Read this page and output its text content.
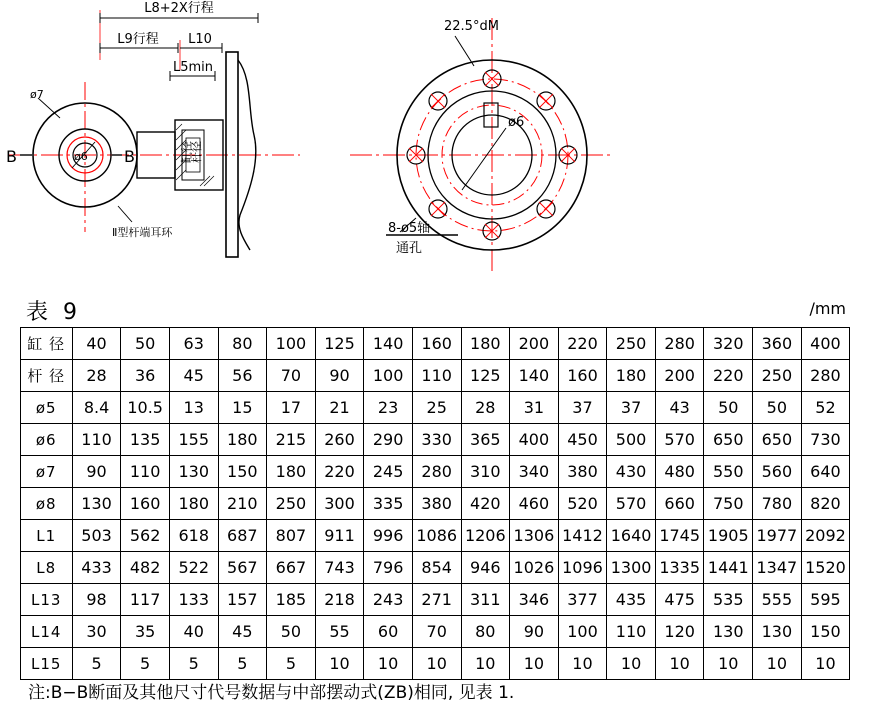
L8+2X行程
L9行程 L10
L5min
ø6
ø7
B	B	缸径
杆径
Ⅱ型杆端耳环
ø6
22.5°dM
8-ø5轴
通孔
表 9	/mm
缸 径	40	50	63	80	100	125	140	160	180	200	220	250	280	320	360	400
杆 径	28	36	45	56	70	90	100	110	125	140	160	180	200	220	250	280
ø5	8.4	10.5	13	15	17	21	23	25	28	31	37	37	43	50	50	52
ø6	110	135	155	180	215	260	290	330	365	400	450	500	570	650	650	730
ø7	90	110	130	150	180	220	245	280	310	340	380	430	480	550	560	640
ø8	130	160	180	210	250	300	335	380	420	460	520	570	660	750	780	820
L1	503	562	618	687	807	911	996	1086	1206	1306	1412	1640	1745	1905	1977	2092
L8	433	482	522	567	667	743	796	854	946	1026	1096	1300	1335	1441	1347	1520
L13	98	117	133	157	185	218	243	271	311	346	377	435	475	535	555	595
L14	30	35	40	45	50	55	60	70	80	90	100	110	120	130	130	150
L15	5	5	5	5	5	10	10	10	10	10	10	10	10	10	10	10
注:B−B断面及其他尺寸代号数据与中部摆动式(ZB)相同, 见表 1.
